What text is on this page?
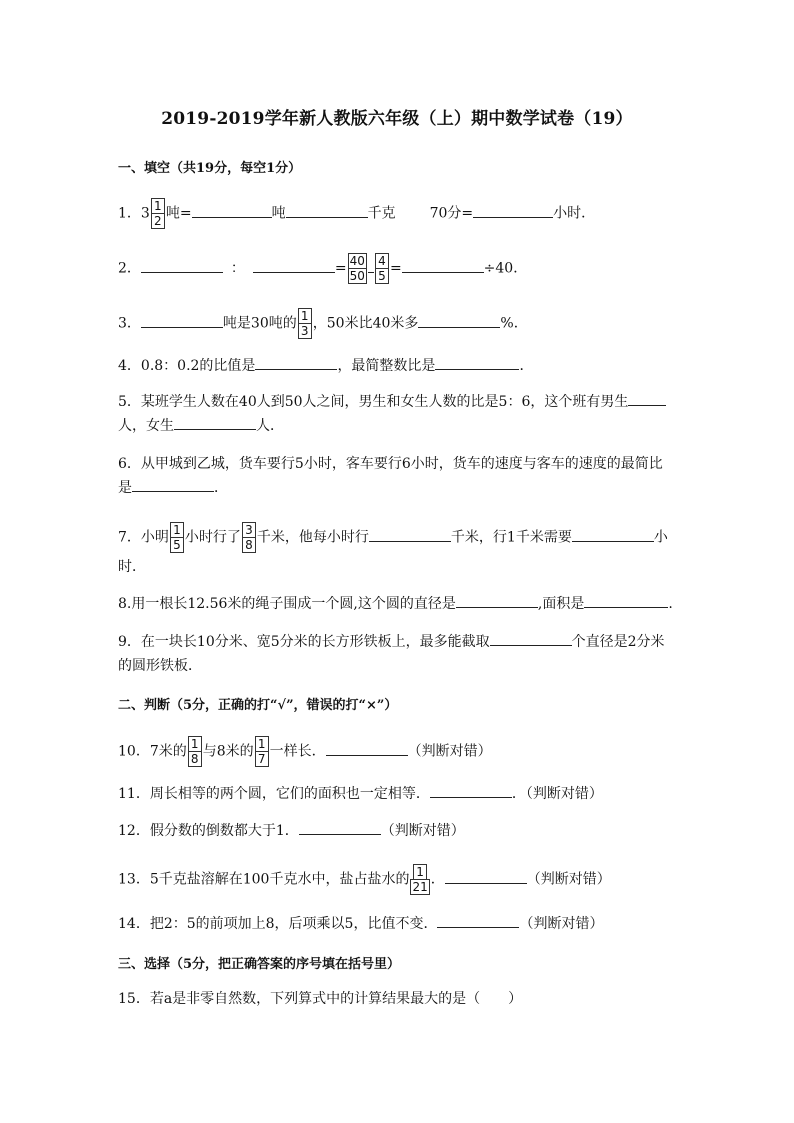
2019-2019学年新人教版六年级（上）期中数学试卷（19）
一、填空（共19分，每空1分）
1．$3 \frac{1}{2}$ 吨=	吨	千克 70分=	小时．
2．	：	= $\frac{40}{50} \frac{4}{5}$ =	÷40．
3．	吨是30吨的 $\frac{1}{3}$ ，50米比40米多	%．
4．0.8：0.2的比值是	，最简整数比是	．
5．某班学生人数在40人到50人之间，男生和女生人数的比是5：6，这个班有男生
人，女生	人．
6．从甲城到乙城，货车要行5小时，客车要行6小时，货车的速度与客车的速度的最简比
是	．
7．小明 $\frac{1}{5}$ 小时行了 $\frac{3}{8}$ 千米，他每小时行	千米，行1千米需要	小
时．
8.用一根长12.56米的绳子围成一个圆,这个圆的直径是	,面积是	.
9．在一块长10分米、宽5分米的长方形铁板上，最多能截取	个直径是2分米
的圆形铁板．
二、判断（5分，正确的打“√”，错误的打“×”）
10．7米的 $\frac{1}{8}$ 与8米的 $\frac{1}{7}$ 一样长．	（判断对错）
11．周长相等的两个圆，它们的面积也一定相等．	．（判断对错）
12．假分数的倒数都大于1．	（判断对错）
13．5千克盐溶解在100千克水中，盐占盐水的 $\frac{1}{21}$ ．	（判断对错）
14．把2：5的前项加上8，后项乘以5，比值不变．	（判断对错）
三、选择（5分，把正确答案的序号填在括号里）
15．若a是非零自然数，下列算式中的计算结果最大的是（　　）
